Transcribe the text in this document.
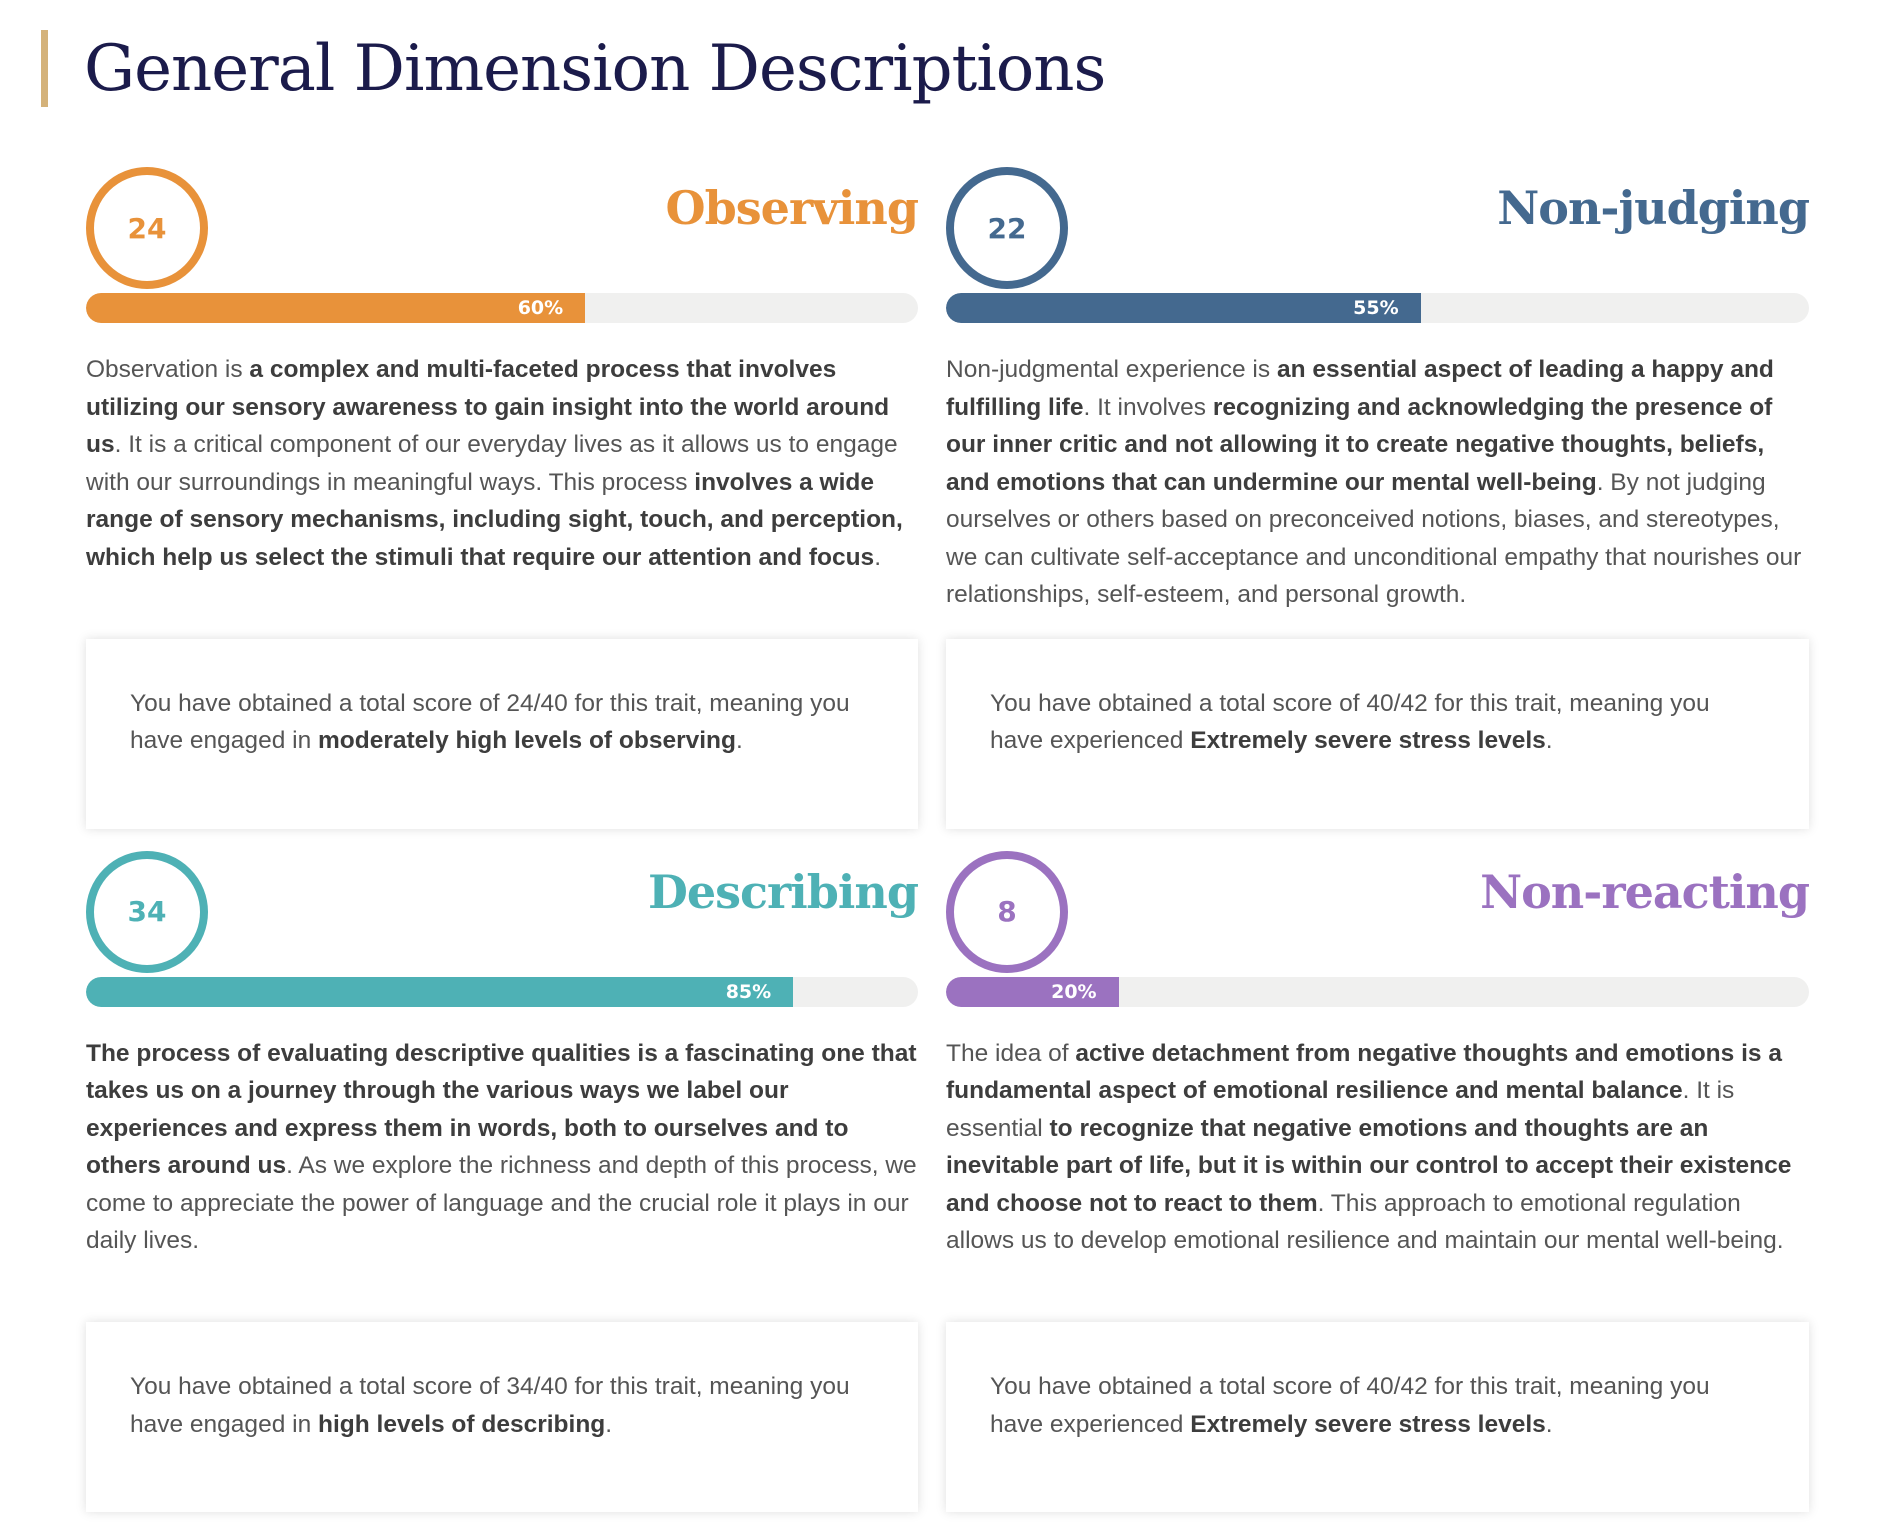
General Dimension Descriptions
24	Observing
60%

Observation is a complex and multi-faceted process that involves utilizing our sensory awareness to gain insight into the world around us. It is a critical component of our everyday lives as it allows us to engage with our surroundings in meaningful ways. This process involves a wide range of sensory mechanisms, including sight, touch, and perception, which help us select the stimuli that require our attention and focus.

You have obtained a total score of 24/40 for this trait, meaning you have engaged in moderately high levels of observing.
22	Non-judging
55%

Non-judgmental experience is an essential aspect of leading a happy and fulfilling life. It involves recognizing and acknowledging the presence of our inner critic and not allowing it to create negative thoughts, beliefs, and emotions that can undermine our mental well-being. By not judging ourselves or others based on preconceived notions, biases, and stereotypes, we can cultivate self-acceptance and unconditional empathy that nourishes our relationships, self-esteem, and personal growth.

You have obtained a total score of 40/42 for this trait, meaning you have experienced Extremely severe stress levels.
34	Describing
85%

The process of evaluating descriptive qualities is a fascinating one that takes us on a journey through the various ways we label our experiences and express them in words, both to ourselves and to others around us. As we explore the richness and depth of this process, we come to appreciate the power of language and the crucial role it plays in our daily lives.

You have obtained a total score of 34/40 for this trait, meaning you have engaged in high levels of describing.
8	Non-reacting
20%

The idea of active detachment from negative thoughts and emotions is a fundamental aspect of emotional resilience and mental balance. It is essential to recognize that negative emotions and thoughts are an inevitable part of life, but it is within our control to accept their existence and choose not to react to them. This approach to emotional regulation allows us to develop emotional resilience and maintain our mental well-being.

You have obtained a total score of 40/42 for this trait, meaning you have experienced Extremely severe stress levels.
